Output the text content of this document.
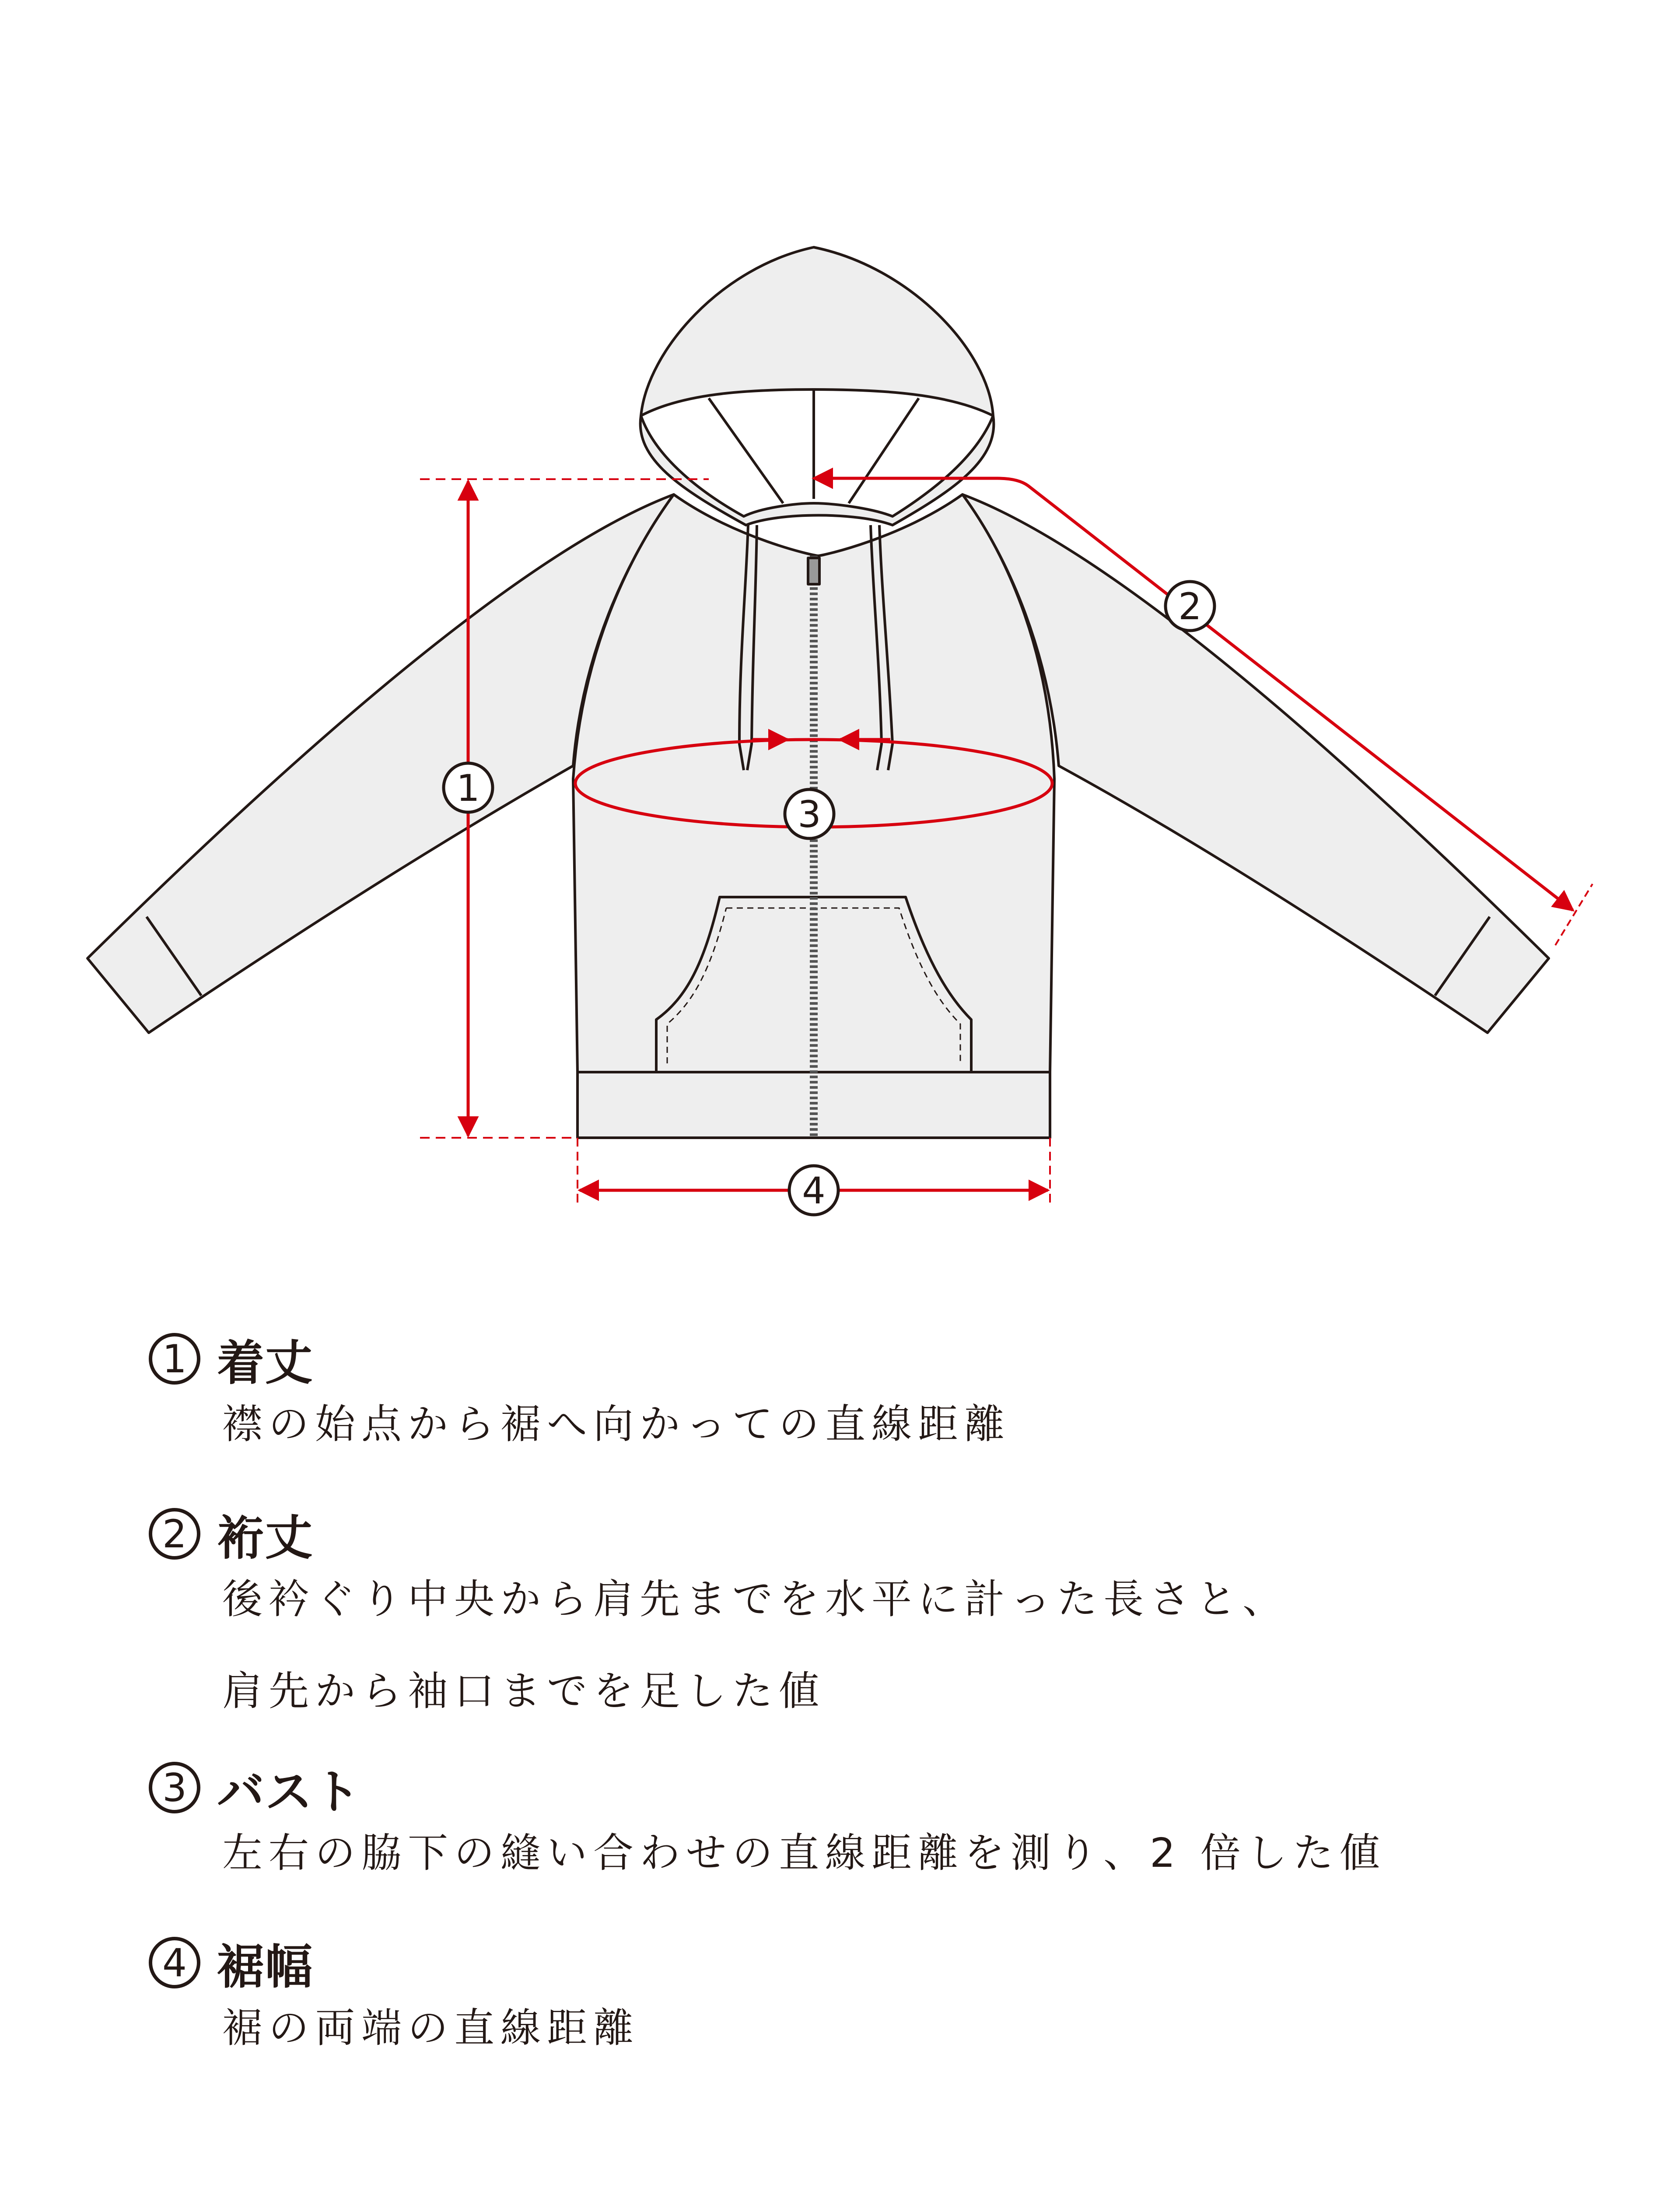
1
2
3
4
1 着丈
襟の始点から裾へ向かっての直線距離
2 裄丈
後衿ぐり中央から肩先までを水平に計った長さと、
肩先から袖口までを足した値
3 バスト
左右の脇下の縫い合わせの直線距離を測り、2 倍した値
4 裾幅
裾の両端の直線距離
